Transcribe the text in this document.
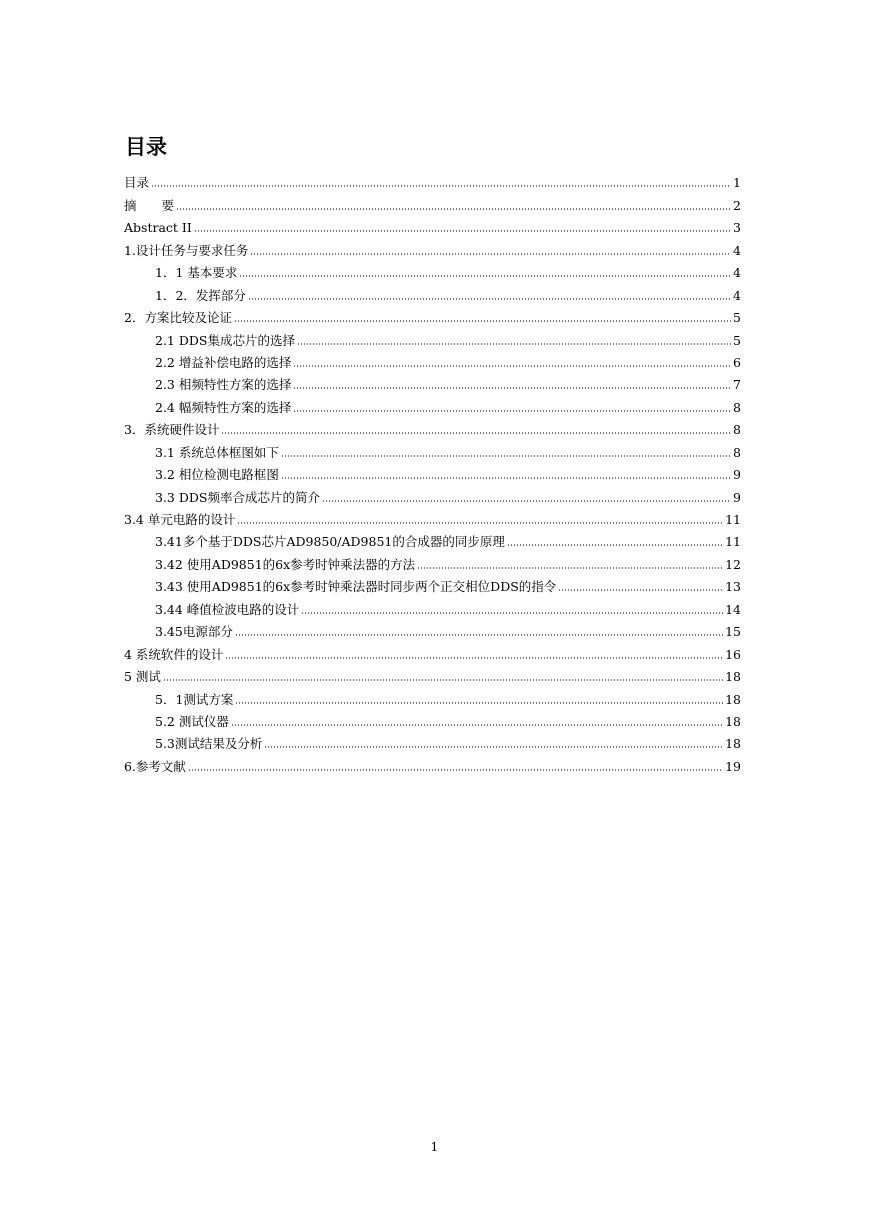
目录
目录	1
摘　　要	2
Abstract II	3
1.设计任务与要求任务	4
1．1 基本要求	4
1．2．发挥部分	4
2．方案比较及论证	5
2.1 DDS集成芯片的选择	5
2.2 增益补偿电路的选择	6
2.3 相频特性方案的选择	7
2.4 幅频特性方案的选择	8
3．系统硬件设计	8
3.1 系统总体框图如下	8
3.2 相位检测电路框图	9
3.3 DDS频率合成芯片的简介	9
3.4 单元电路的设计	11
3.41多个基于DDS芯片AD9850/AD9851的合成器的同步原理	11
3.42 使用AD9851的6x参考时钟乘法器的方法	12
3.43 使用AD9851的6x参考时钟乘法器时同步两个正交相位DDS的指令	13
3.44 峰值检波电路的设计	14
3.45电源部分	15
4 系统软件的设计	16
5 测试	18
5．1测试方案	18
5.2 测试仪器	18
5.3测试结果及分析	18
6.参考文献	19
1
